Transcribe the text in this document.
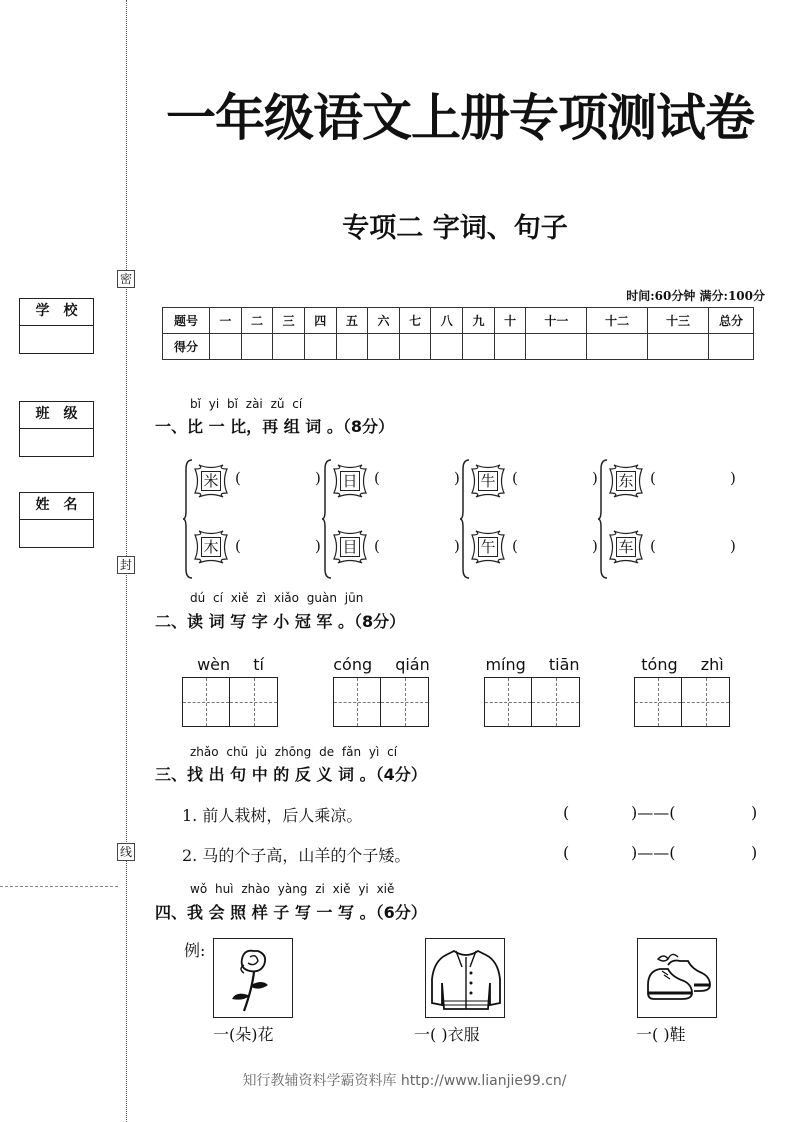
密
封
线
学校
班级
姓名
一年级语文上册专项测试卷
专项二 字词、句子
时间:60分钟 满分:100分
题号	一	二	三	四	五	六	七	八	九	十	十一	十二	十三	总分
得分														
bǐ yi bǐ zài zǔ cí
一、比 一 比，再 组 词 。（8分）
米 (	)
木 (	)
日 (	)
目 (	)
牛 (	)
午 (	)
东 (	)
车 (	)
dú cí xiě zì xiǎo guàn jūn
二、读 词 写 字 小 冠 军 。（8分）
wèn tí	cóng qián	míng tiān	tóng zhì
zhǎo chū jù zhōng de fǎn yì cí
三、找 出 句 中 的 反 义 词 。（4分）
1. 前人栽树，后人乘凉。	(	)——(	)
2. 马的个子高，山羊的个子矮。	(	)——(	)
wǒ huì zhào yàng zi xiě yi xiě
四、我 会 照 样 子 写 一 写 。（6分）
例:
一(朵)花	一( )衣服	一( )鞋
知行教辅资料学霸资料库 http://www.lianjie99.cn/
